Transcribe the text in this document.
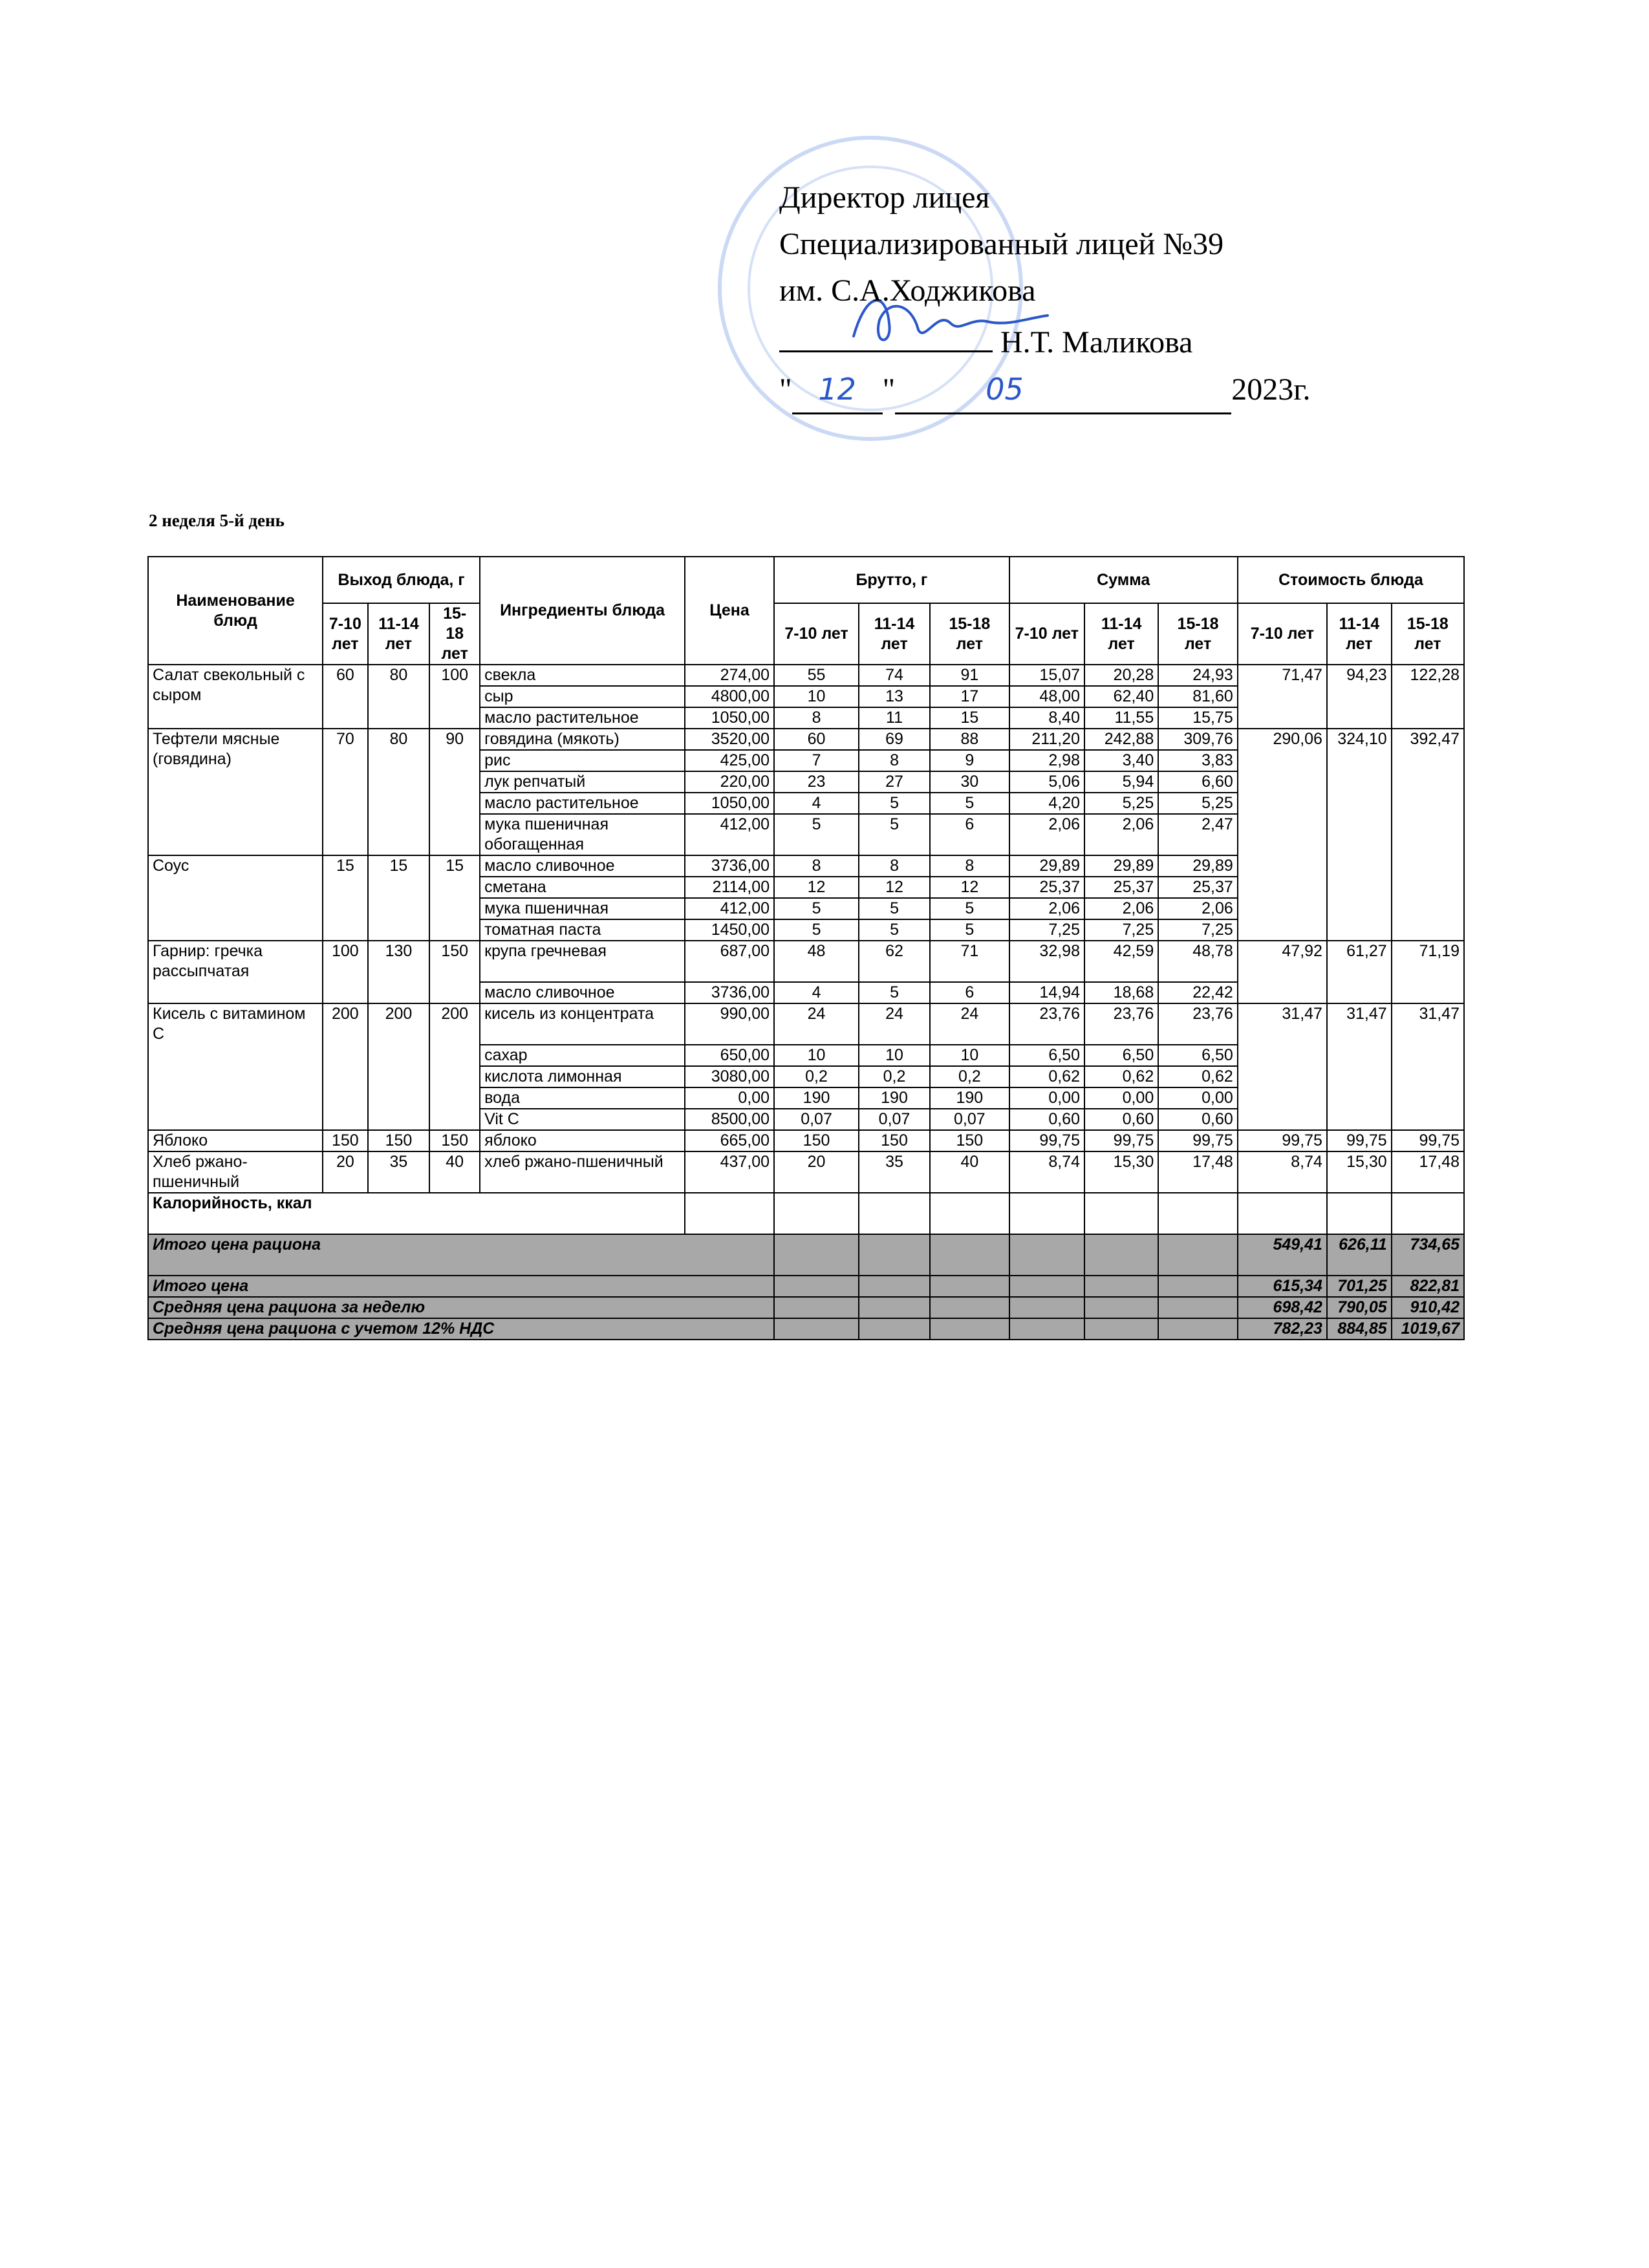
Директор лицея
Специализированный лицей №39
им. С.А.Ходжикова
Н.Т. Маликова
" 12 "	05	2023г.
2 неделя 5-й день
Наименование блюд	Выход блюда, г			Ингредиенты блюда	Цена	Брутто, г			Сумма			Стоимость блюда		
	7-10 лет	11-14 лет	15-18 лет			7-10 лет	11-14 лет	15-18 лет	7-10 лет	11-14 лет	15-18 лет	7-10 лет	11-14 лет	15-18 лет
Салат свекольный с сыром	60	80	100	свекла	274,00	55	74	91	15,07	20,28	24,93	71,47	94,23	122,28
				сыр	4800,00	10	13	17	48,00	62,40	81,60			
				масло растительное	1050,00	8	11	15	8,40	11,55	15,75			
Тефтели мясные (говядина)	70	80	90	говядина (мякоть)	3520,00	60	69	88	211,20	242,88	309,76	290,06	324,10	392,47
				рис	425,00	7	8	9	2,98	3,40	3,83			
				лук репчатый	220,00	23	27	30	5,06	5,94	6,60			
				масло растительное	1050,00	4	5	5	4,20	5,25	5,25			
				мука пшеничная обогащенная	412,00	5	5	6	2,06	2,06	2,47			
Соус	15	15	15	масло сливочное	3736,00	8	8	8	29,89	29,89	29,89			
				сметана	2114,00	12	12	12	25,37	25,37	25,37			
				мука пшеничная	412,00	5	5	5	2,06	2,06	2,06			
				томатная паста	1450,00	5	5	5	7,25	7,25	7,25			
Гарнир: гречка рассыпчатая	100	130	150	крупа гречневая	687,00	48	62	71	32,98	42,59	48,78	47,92	61,27	71,19
				масло сливочное	3736,00	4	5	6	14,94	18,68	22,42			
Кисель с витамином С	200	200	200	кисель из концентрата	990,00	24	24	24	23,76	23,76	23,76	31,47	31,47	31,47
				сахар	650,00	10	10	10	6,50	6,50	6,50			
				кислота лимонная	3080,00	0,2	0,2	0,2	0,62	0,62	0,62			
				вода	0,00	190	190	190	0,00	0,00	0,00			
				Vit C	8500,00	0,07	0,07	0,07	0,60	0,60	0,60			
Яблоко	150	150	150	яблоко	665,00	150	150	150	99,75	99,75	99,75	99,75	99,75	99,75
Хлеб ржано-пшеничный	20	35	40	хлеб ржано-пшеничный	437,00	20	35	40	8,74	15,30	17,48	8,74	15,30	17,48
Калорийность, ккал														
Итого цена рациона												549,41	626,11	734,65
Итого цена												615,34	701,25	822,81
Средняя цена рациона за неделю												698,42	790,05	910,42
Средняя цена рациона с учетом 12% НДС												782,23	884,85	1019,67
